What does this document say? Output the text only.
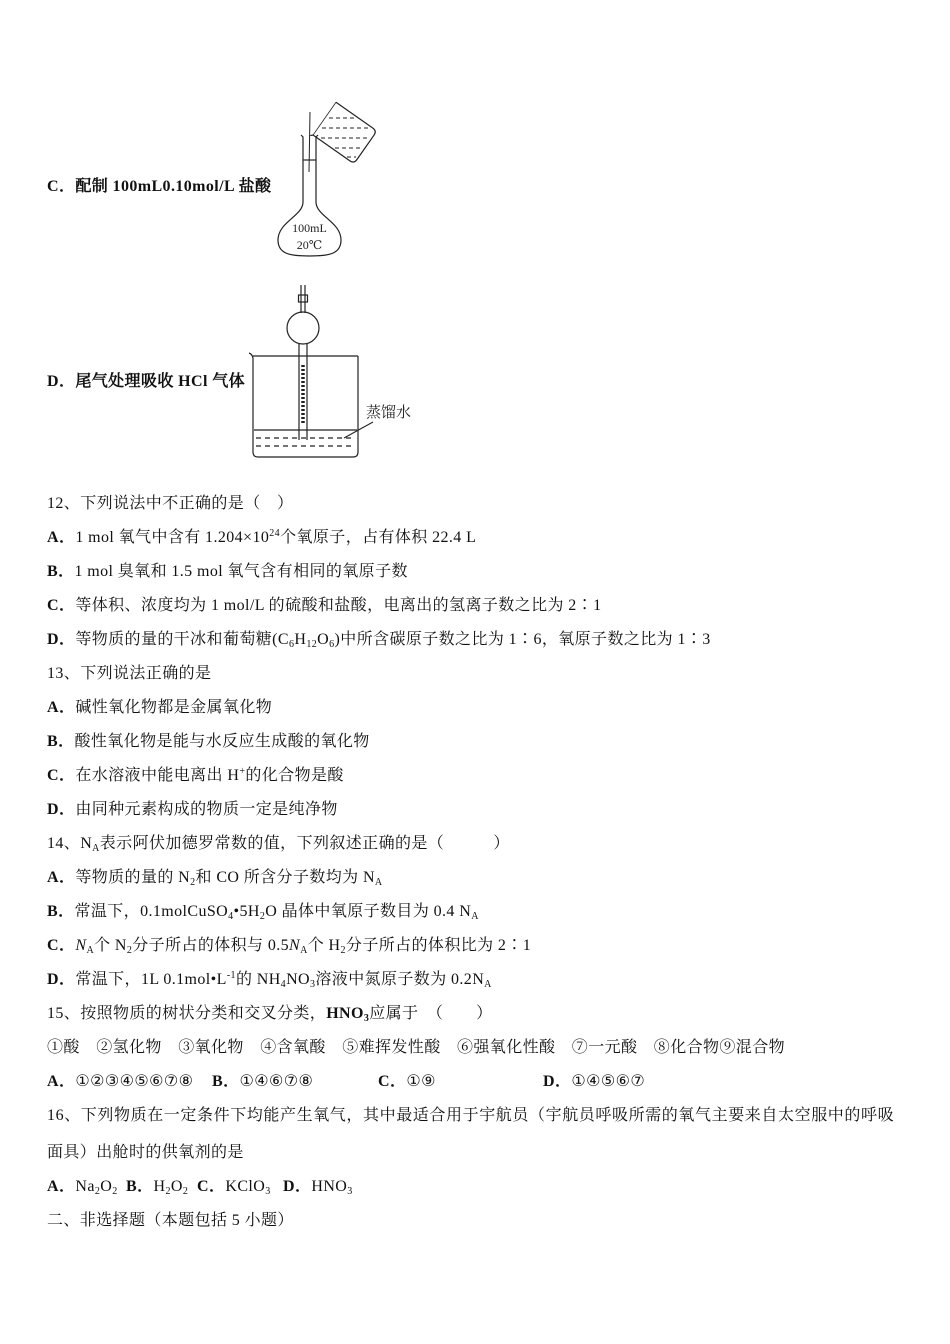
C．配制 100mL0.10mol/L 盐酸
100mL
20℃
D．尾气处理吸收 HCl 气体
蒸馏水
12、下列说法中不正确的是（　）
A．1 mol 氧气中含有 $1.204\times 10^{24}$个氧原子，占有体积 22.4 L
B．1 mol 臭氧和 1.5 mol 氧气含有相同的氧原子数
C．等体积、浓度均为 1 mol/L 的硫酸和盐酸，电离出的氢离子数之比为 2∶1
D．等物质的量的干冰和葡萄糖$(C_6H_{12}O_6)$中所含碳原子数之比为 1∶6，氧原子数之比为 1∶3
13、下列说法正确的是
A．碱性氧化物都是金属氧化物
B．酸性氧化物是能与水反应生成酸的氧化物
C．在水溶液中能电离出 H+的化合物是酸
D．由同种元素构成的物质一定是纯净物
14、$N_A$表示阿伏加德罗常数的值，下列叙述正确的是（　　　）
A．等物质的量的 $N_2$和 CO 所含分子数均为 $N_A$
B．常温下，$0.1molCuSO_4•5H_2O$ 晶体中氧原子数目为 0.4 $N_A$
C．$N_A$个 $N_2$分子所占的体积与 $0.5N_A$个 $H_2$分子所占的体积比为 2∶1
D．常温下，1L $0.1mol•L^{-1}$的 $NH_4NO_3$溶液中氮原子数为 $0.2N_A$
15、按照物质的树状分类和交叉分类，$HNO_3$应属于　（　　）
①酸　②氢化物　③氧化物　④含氧酸　⑤难挥发性酸　⑥强氧化性酸　⑦一元酸　⑧化合物⑨混合物
A．①②③④⑤⑥⑦⑧ B．①④⑥⑦⑧	C．①⑨	D．①④⑤⑥⑦
16、下列物质在一定条件下均能产生氧气，其中最适合用于宇航员（宇航员呼吸所需的氧气主要来自太空服中的呼吸
面具）出舱时的供氧剂的是
A．$Na_2O_2$ B．$H_2O_2$ C．KClO$_3$ D．$HNO_3$
二、非选择题（本题包括 5 小题）
